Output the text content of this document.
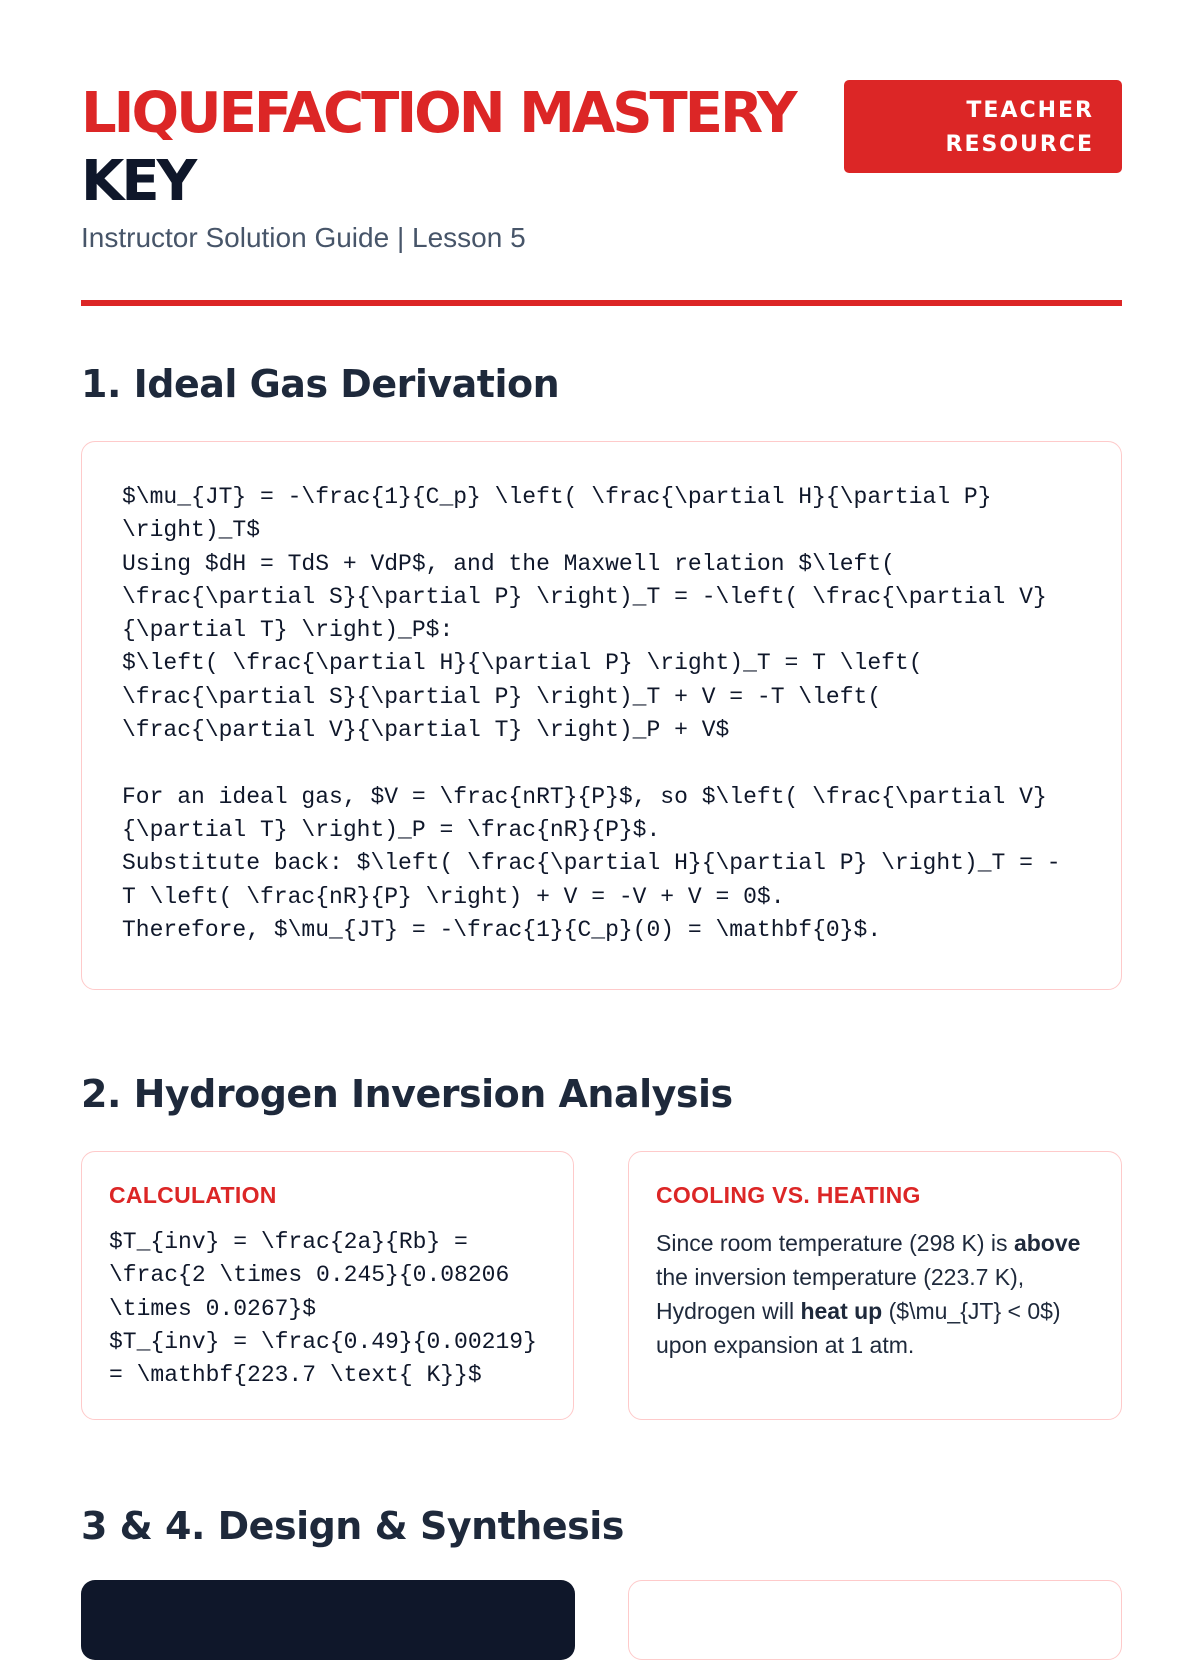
LIQUEFACTION MASTERY
KEY
Instructor Solution Guide | Lesson 5
TEACHER
RESOURCE
1. Ideal Gas Derivation
$\mu_{JT} = -\frac{1}{C_p} \left( \frac{\partial H}{\partial P}
\right)_T$
Using $dH = TdS + VdP$, and the Maxwell relation $\left(
\frac{\partial S}{\partial P} \right)_T = -\left( \frac{\partial V}
{\partial T} \right)_P$:
$\left( \frac{\partial H}{\partial P} \right)_T = T \left(
\frac{\partial S}{\partial P} \right)_T + V = -T \left(
\frac{\partial V}{\partial T} \right)_P + V$

For an ideal gas, $V = \frac{nRT}{P}$, so $\left( \frac{\partial V}
{\partial T} \right)_P = \frac{nR}{P}$.
Substitute back: $\left( \frac{\partial H}{\partial P} \right)_T = -
T \left( \frac{nR}{P} \right) + V = -V + V = 0$.
Therefore, $\mu_{JT} = -\frac{1}{C_p}(0) = \mathbf{0}$.
2. Hydrogen Inversion Analysis
CALCULATION
$T_{inv} = \frac{2a}{Rb} =
\frac{2 \times 0.245}{0.08206
\times 0.0267}$
$T_{inv} = \frac{0.49}{0.00219}
= \mathbf{223.7 \text{ K}}$
COOLING VS. HEATING
Since room temperature (298 K) is above the inversion temperature (223.7 K), Hydrogen will heat up ($\mu_{JT} < 0$) upon expansion at 1 atm.
3 & 4. Design & Synthesis
